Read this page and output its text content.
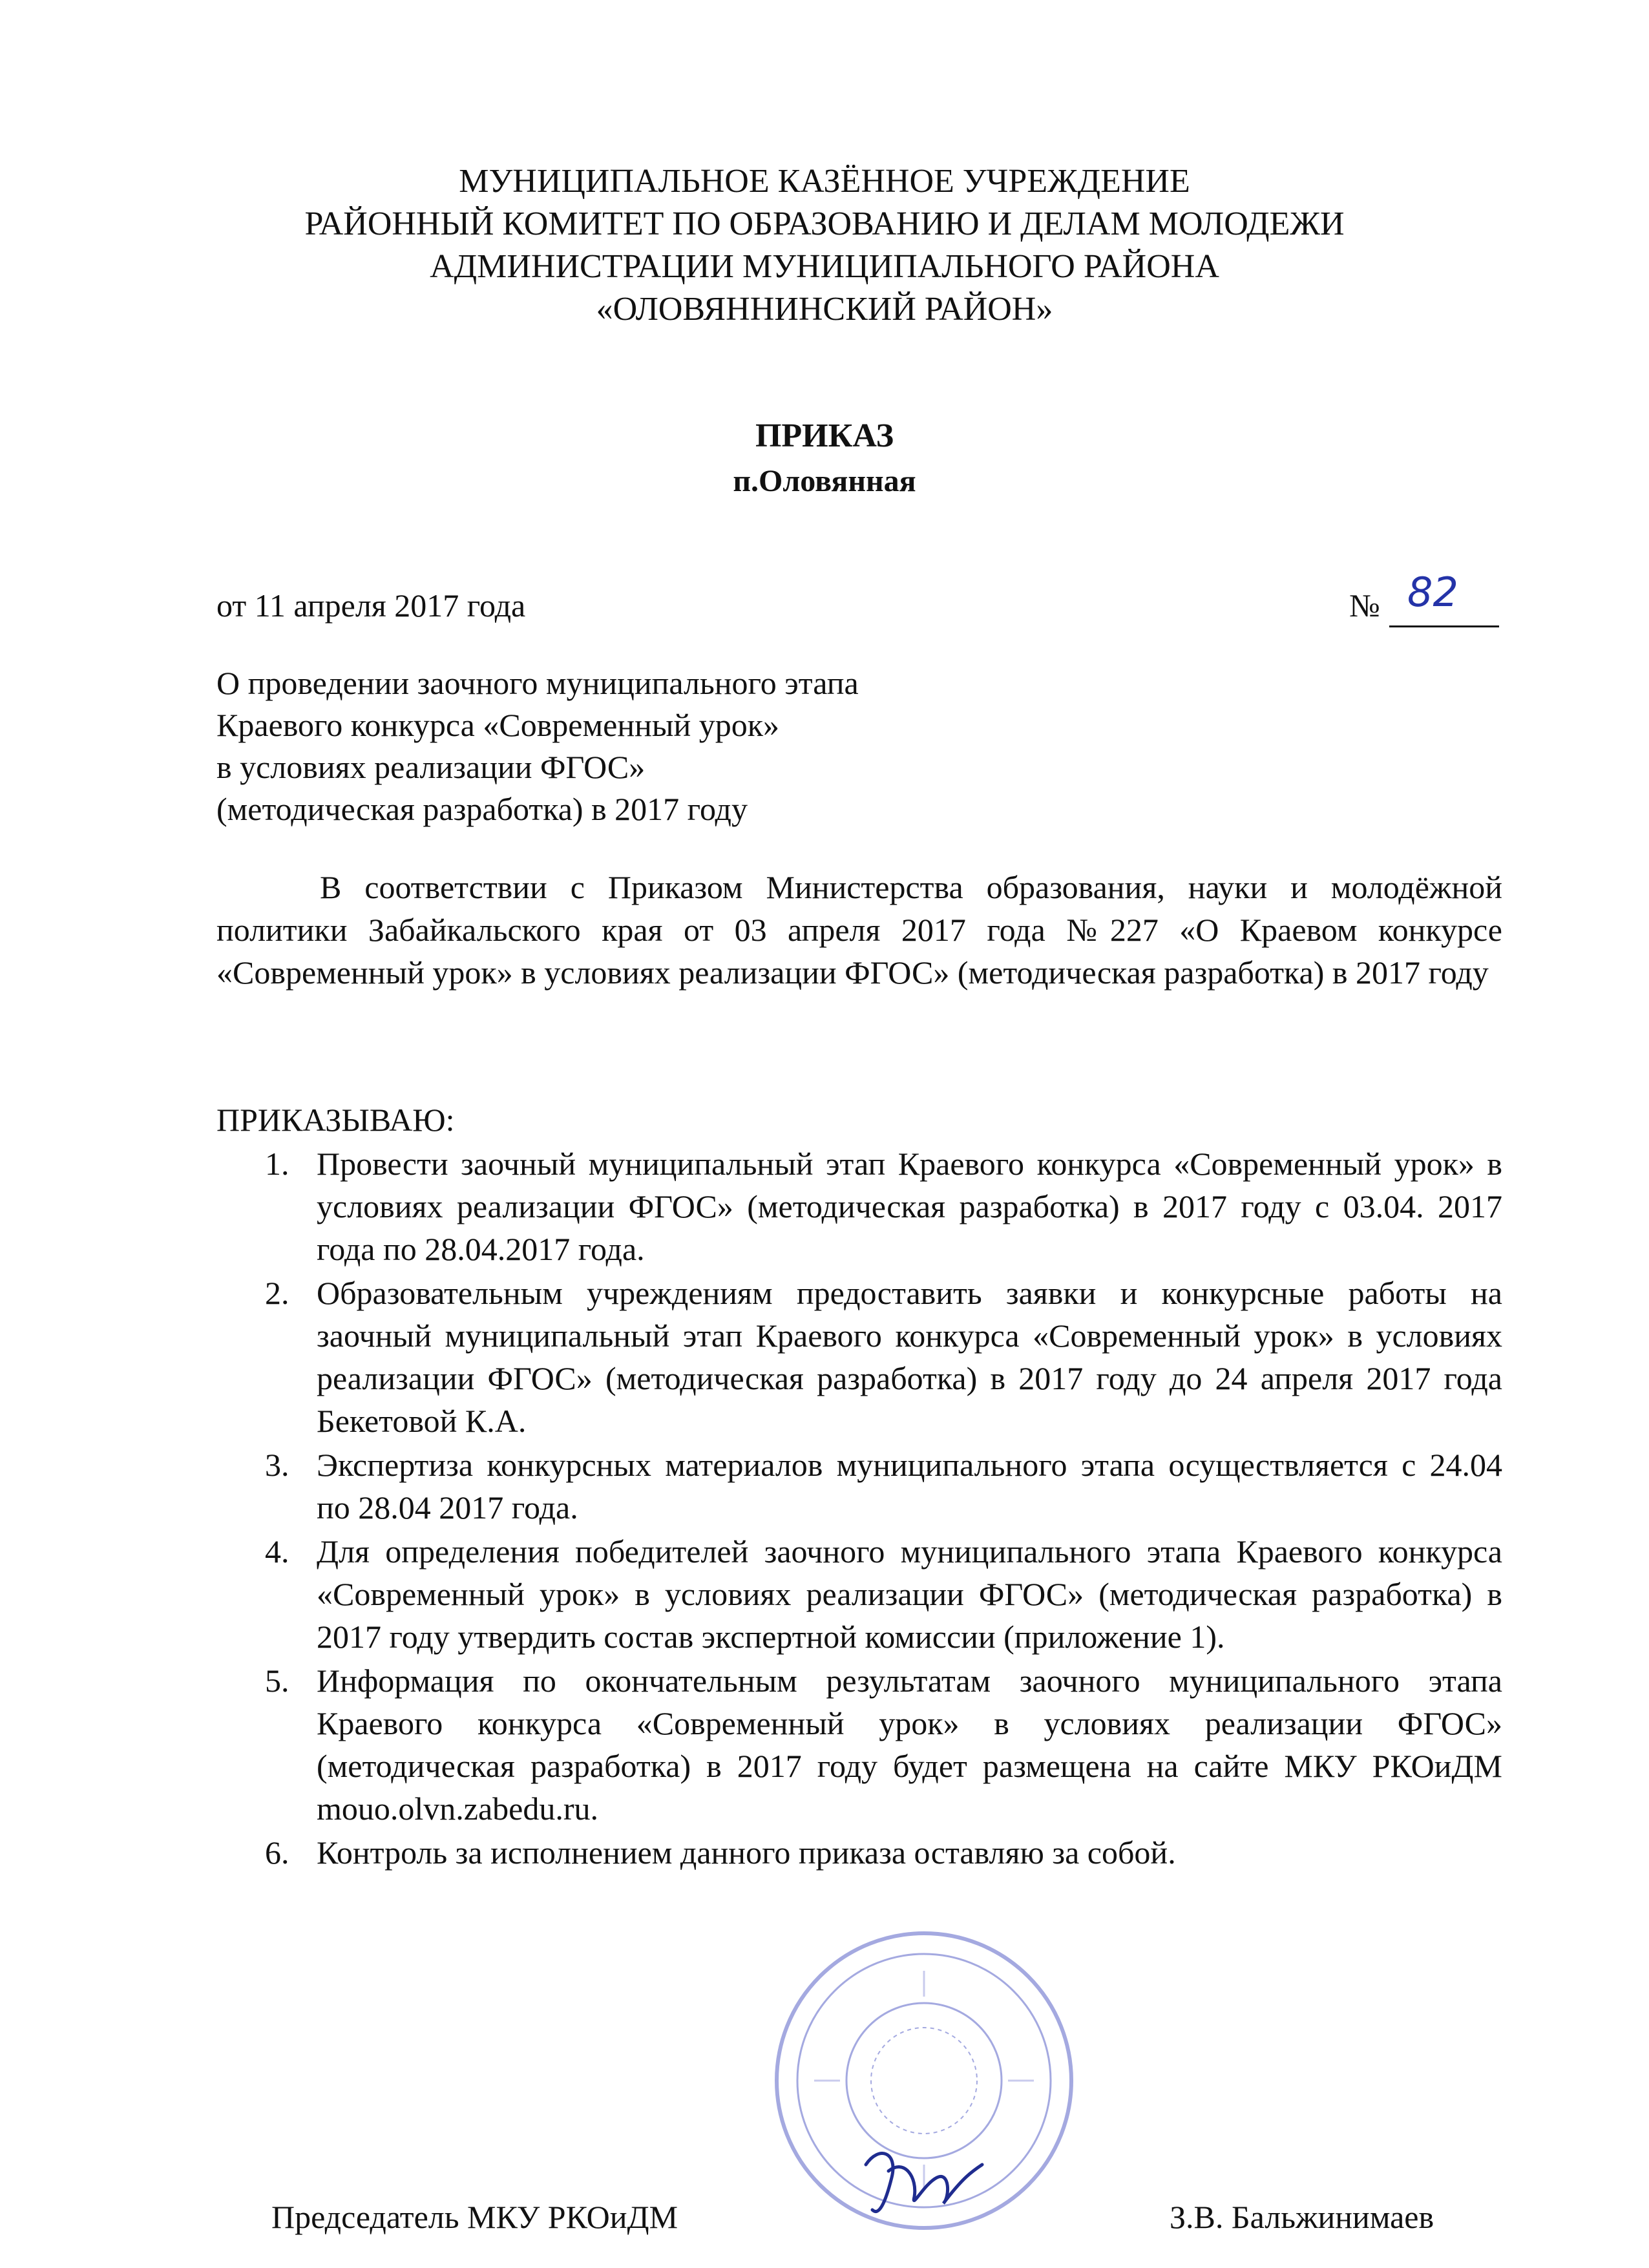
МУНИЦИПАЛЬНОЕ КАЗЁННОЕ УЧРЕЖДЕНИЕ
РАЙОННЫЙ КОМИТЕТ ПО ОБРАЗОВАНИЮ И ДЕЛАМ МОЛОДЕЖИ
АДМИНИСТРАЦИИ МУНИЦИПАЛЬНОГО РАЙОНА
«ОЛОВЯННИНСКИЙ РАЙОН»
ПРИКАЗ
п.Оловянная
от 11 апреля 2017 года	№ 82
О проведении заочного муниципального этапа
Краевого конкурса «Современный урок»
в условиях реализации ФГОС»
(методическая разработка) в 2017 году
В соответствии с Приказом Министерства образования, науки и молодёжной политики Забайкальского края от 03 апреля 2017 года №227 «О Краевом конкурсе «Современный урок» в условиях реализации ФГОС» (методическая разработка) в 2017 году
ПРИКАЗЫВАЮ:
1. Провести заочный муниципальный этап Краевого конкурса «Современный урок» в условиях реализации ФГОС» (методическая разработка) в 2017 году с 03.04. 2017 года по 28.04.2017 года.
2. Образовательным учреждениям предоставить заявки и конкурсные работы на заочный муниципальный этап Краевого конкурса «Современный урок» в условиях реализации ФГОС» (методическая разработка) в 2017 году до 24 апреля 2017 года Бекетовой К.А.
3. Экспертиза конкурсных материалов муниципального этапа осуществляется с 24.04 по 28.04 2017 года.
4. Для определения победителей заочного муниципального этапа Краевого конкурса «Современный урок» в условиях реализации ФГОС» (методическая разработка) в 2017 году утвердить состав экспертной комиссии (приложение 1).
5. Информация по окончательным результатам заочного муниципального этапа Краевого конкурса «Современный урок» в условиях реализации ФГОС» (методическая разработка) в 2017 году будет размещена на сайте МКУ РКОиДМ mouo.olvn.zabedu.ru.
6. Контроль за исполнением данного приказа оставляю за собой.
Председатель МКУ РКОиДМ	З.В. Бальжинимаев
